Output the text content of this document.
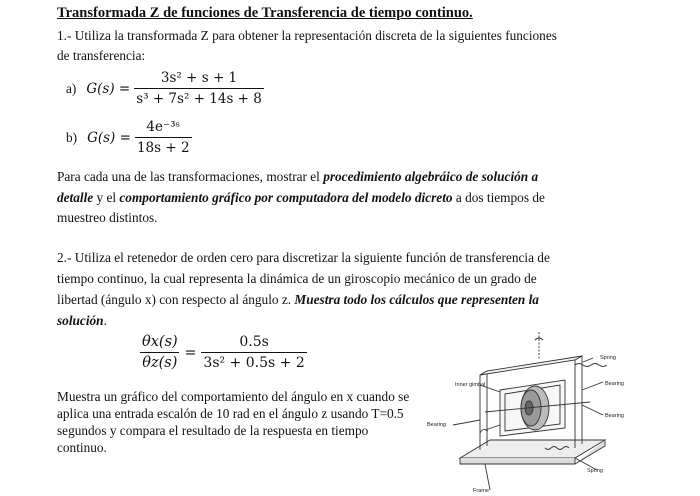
Transformada Z de funciones de Transferencia de tiempo continuo.
1.- Utiliza la transformada Z para obtener la representación discreta de la siguientes funciones
de transferencia:
a) $G(s) = \frac{\text{3s² + s + 1}}{\text{s³ + 7s² + 14s + 8}}$
b) $G(s) = \frac{\text{4e⁻³ˢ}}{18s + 2}$
Para cada una de las transformaciones, mostrar el procedimiento algebráico de solución a
detalle y el comportamiento gráfico por computadora del modelo dicreto a dos tiempos de
muestreo distintos.
2.- Utiliza el retenedor de orden cero para discretizar la siguiente función de transferencia de
tiempo continuo, la cual representa la dinámica de un giroscopio mecánico de un grado de
libertad (ángulo x) con respecto al ángulo z. Muestra todo los cálculos que representen la
solución.
$\frac{\theta x(s)}{\theta z(s)} = \frac{0.5s}{\text{3s² + 0.5s + 2}}$
Muestra un gráfico del comportamiento del ángulo en x cuando se
aplica una entrada escalón de 10 rad en el ángulo z usando T=0.5
segundos y compara el resultado de la respuesta en tiempo
continuo.
Spring
Bearing
Bearing
Inner gimbal
Bearing
Spring
Frame
